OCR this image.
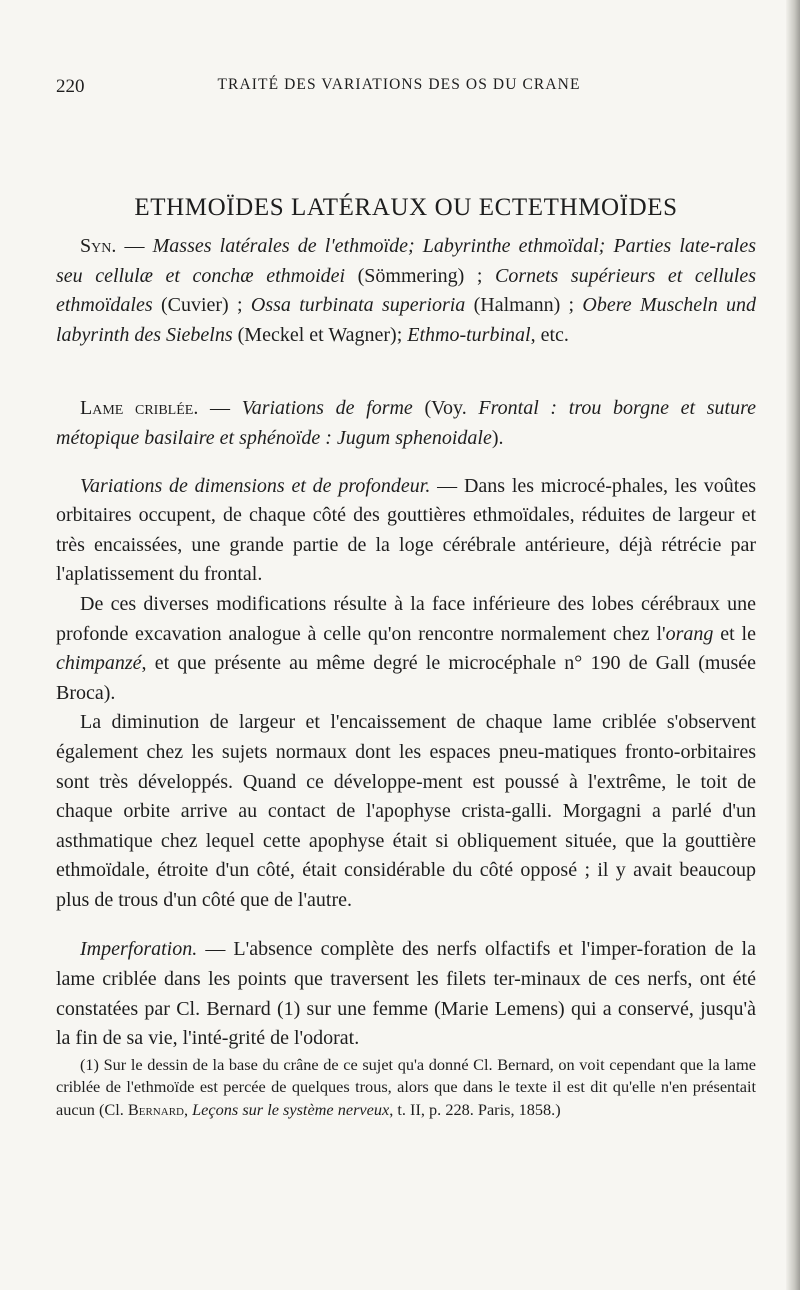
220	TRAITÉ DES VARIATIONS DES OS DU CRANE
ETHMOÏDES LATÉRAUX OU ECTETHMOÏDES

Syn. — Masses latérales de l'ethmoïde; Labyrinthe ethmoïdal; Parties late-rales seu cellulæ et conchæ ethmoidei (Sömmering) ; Cornets supérieurs et cellules ethmoïdales (Cuvier) ; Ossa turbinata superioria (Halmann) ; Obere Muscheln und labyrinth des Siebelns (Meckel et Wagner); Ethmo-turbinal, etc.

Lame criblée. — Variations de forme (Voy. Frontal : trou borgne et suture métopique basilaire et sphénoïde : Jugum sphenoidale).

Variations de dimensions et de profondeur. — Dans les microcé-phales, les voûtes orbitaires occupent, de chaque côté des gouttières ethmoïdales, réduites de largeur et très encaissées, une grande partie de la loge cérébrale antérieure, déjà rétrécie par l'aplatissement du frontal.

De ces diverses modifications résulte à la face inférieure des lobes cérébraux une profonde excavation analogue à celle qu'on rencontre normalement chez l'orang et le chimpanzé, et que présente au même degré le microcéphale n° 190 de Gall (musée Broca).

La diminution de largeur et l'encaissement de chaque lame criblée s'observent également chez les sujets normaux dont les espaces pneu-matiques fronto-orbitaires sont très développés. Quand ce développe-ment est poussé à l'extrême, le toit de chaque orbite arrive au contact de l'apophyse crista-galli. Morgagni a parlé d'un asthmatique chez lequel cette apophyse était si obliquement située, que la gouttière ethmoïdale, étroite d'un côté, était considérable du côté opposé ; il y avait beaucoup plus de trous d'un côté que de l'autre.

Imperforation. — L'absence complète des nerfs olfactifs et l'imper-foration de la lame criblée dans les points que traversent les filets ter-minaux de ces nerfs, ont été constatées par Cl. Bernard (1) sur une femme (Marie Lemens) qui a conservé, jusqu'à la fin de sa vie, l'inté-grité de l'odorat.

(1) Sur le dessin de la base du crâne de ce sujet qu'a donné Cl. Bernard, on voit cependant que la lame criblée de l'ethmoïde est percée de quelques trous, alors que dans le texte il est dit qu'elle n'en présentait aucun (Cl. Bernard, Leçons sur le système nerveux, t. II, p. 228. Paris, 1858.)
